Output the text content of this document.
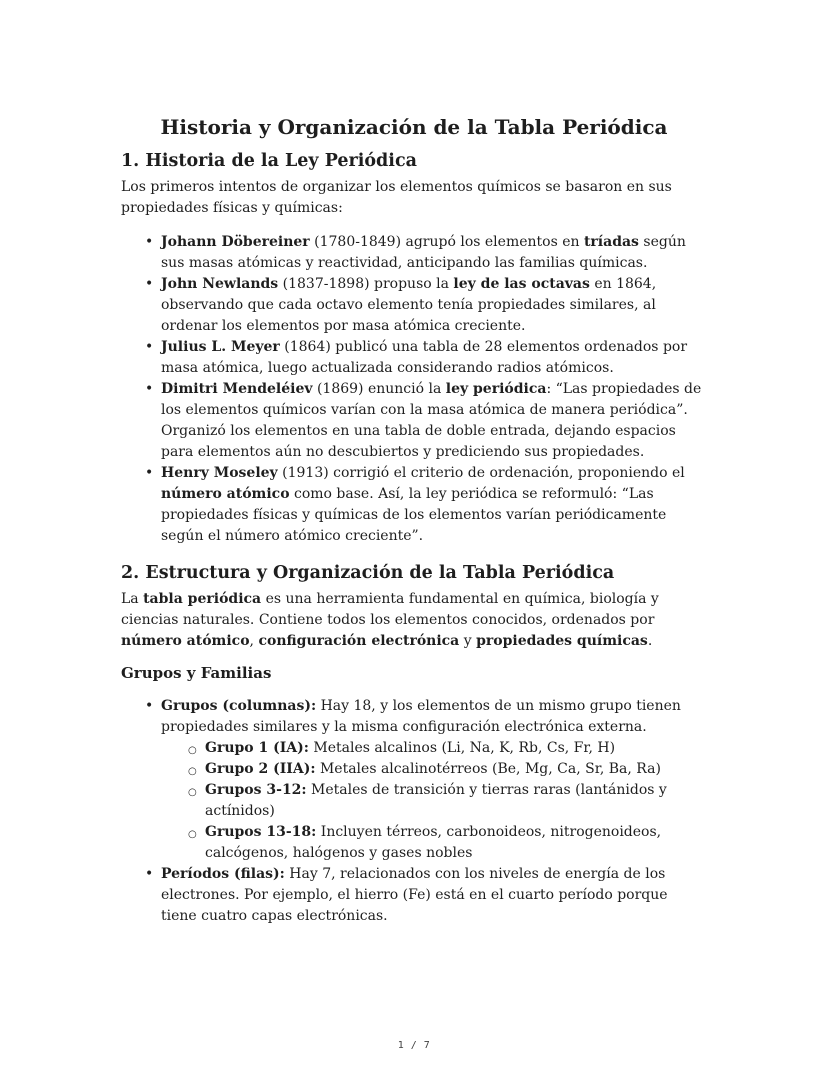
Historia y Organización de la Tabla Periódica
1. Historia de la Ley Periódica

Los primeros intentos de organizar los elementos químicos se basaron en sus propiedades físicas y químicas:

• Johann Döbereiner (1780-1849) agrupó los elementos en tríadas según sus masas atómicas y reactividad, anticipando las familias químicas.
• John Newlands (1837-1898) propuso la ley de las octavas en 1864, observando que cada octavo elemento tenía propiedades similares, al ordenar los elementos por masa atómica creciente.
• Julius L. Meyer (1864) publicó una tabla de 28 elementos ordenados por masa atómica, luego actualizada considerando radios atómicos.
• Dimitri Mendeléiev (1869) enunció la ley periódica: “Las propiedades de los elementos químicos varían con la masa atómica de manera periódica”. Organizó los elementos en una tabla de doble entrada, dejando espacios para elementos aún no descubiertos y prediciendo sus propiedades.
• Henry Moseley (1913) corrigió el criterio de ordenación, proponiendo el número atómico como base. Así, la ley periódica se reformuló: “Las propiedades físicas y químicas de los elementos varían periódicamente según el número atómico creciente”.
2. Estructura y Organización de la Tabla Periódica

La tabla periódica es una herramienta fundamental en química, biología y ciencias naturales. Contiene todos los elementos conocidos, ordenados por número atómico, configuración electrónica y propiedades químicas.

Grupos y Familias
• Grupos (columnas): Hay 18, y los elementos de un mismo grupo tienen propiedades similares y la misma configuración electrónica externa.
○ Grupo 1 (IA): Metales alcalinos (Li, Na, K, Rb, Cs, Fr, H)
○ Grupo 2 (IIA): Metales alcalinotérreos (Be, Mg, Ca, Sr, Ba, Ra)
○ Grupos 3-12: Metales de transición y tierras raras (lantánidos y actínidos)
○ Grupos 13-18: Incluyen térreos, carbonoideos, nitrogenoideos, calcógenos, halógenos y gases nobles
• Períodos (filas): Hay 7, relacionados con los niveles de energía de los electrones. Por ejemplo, el hierro (Fe) está en el cuarto período porque tiene cuatro capas electrónicas.
1 / 7
